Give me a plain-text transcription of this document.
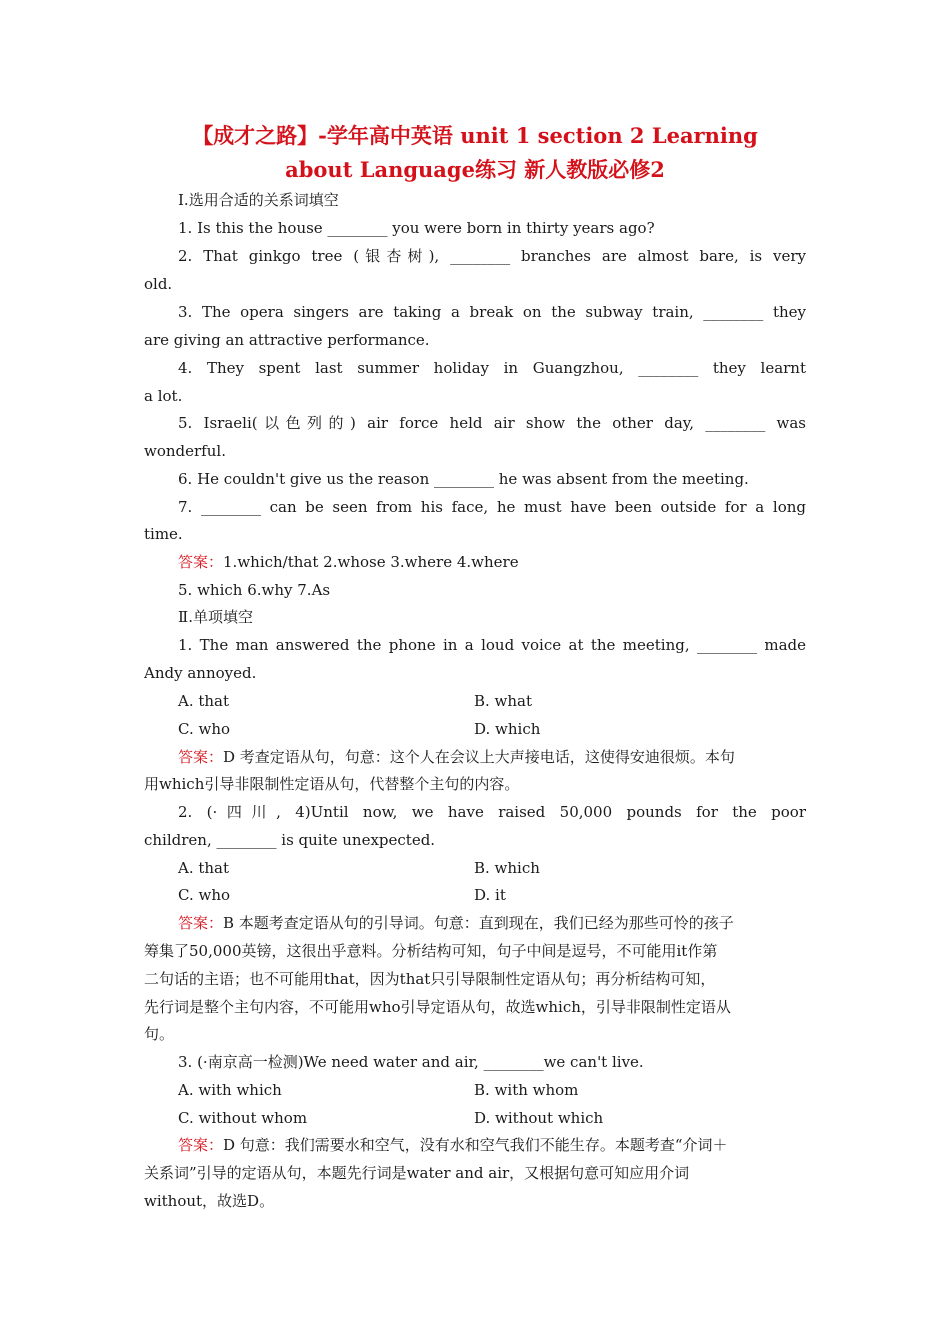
【成才之路】-学年高中英语 unit 1 section 2 Learning
about Language练习 新人教版必修2
Ⅰ.选用合适的关系词填空
1. Is this the house ________ you were born in thirty years ago?
2. That ginkgo tree (银杏树), ________ branches are almost bare, is very
old.
3. The opera singers are taking a break on the subway train, ________ they
are giving an attractive performance.
4. They spent last summer holiday in Guangzhou, ________ they learnt
a lot.
5. Israeli(以色列的) air force held air show the other day, ________ was
wonderful.
6. He couldn't give us the reason ________ he was absent from the meeting.
7. ________ can be seen from his face, he must have been outside for a long
time.
答案：1.which/that 2.whose 3.where 4.where
5. which 6.why 7.As
Ⅱ.单项填空
1. The man answered the phone in a loud voice at the meeting, ________ made
Andy annoyed.
A. that	B. what
C. who	D. which
答案：D 考查定语从句，句意：这个人在会议上大声接电话，这使得安迪很烦。本句
用which引导非限制性定语从句，代替整个主句的内容。
2. (·四川, 4)Until now, we have raised 50,000 pounds for the poor
children, ________ is quite unexpected.
A. that	B. which
C. who	D. it
答案：B 本题考查定语从句的引导词。句意：直到现在，我们已经为那些可怜的孩子
筹集了50,000英镑，这很出乎意料。分析结构可知，句子中间是逗号，不可能用it作第
二句话的主语；也不可能用that，因为that只引导限制性定语从句；再分析结构可知，
先行词是整个主句内容，不可能用who引导定语从句，故选which，引导非限制性定语从
句。
3. (·南京高一检测)We need water and air, ________we can't live.
A. with which	B. with whom
C. without whom	D. without which
答案：D 句意：我们需要水和空气，没有水和空气我们不能生存。本题考查“介词＋
关系词”引导的定语从句，本题先行词是water and air，又根据句意可知应用介词
without，故选D。
